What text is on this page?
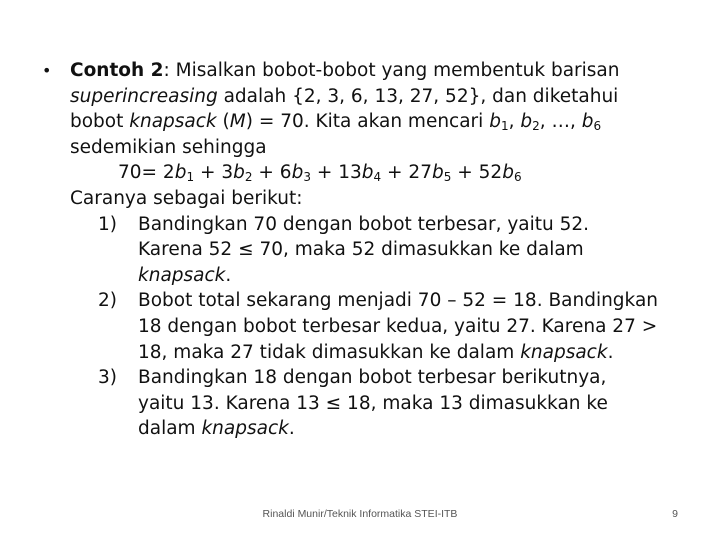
• Contoh 2: Misalkan bobot-bobot yang membentuk barisan
superincreasing adalah {2, 3, 6, 13, 27, 52}, dan diketahui
bobot knapsack (M) = 70. Kita akan mencari $b_1$, $b_2$, …, $b_6$
sedemikian sehingga
$70= 2b_1 + 3b_2 + 6b_3 + 13b_4 + 27b_5 + 52b_6$
Caranya sebagai berikut:
1) Bandingkan 70 dengan bobot terbesar, yaitu 52.
Karena 52 ≤ 70, maka 52 dimasukkan ke dalam
knapsack.
2) Bobot total sekarang menjadi 70 – 52 = 18. Bandingkan
18 dengan bobot terbesar kedua, yaitu 27. Karena 27 >
18, maka 27 tidak dimasukkan ke dalam knapsack.
3) Bandingkan 18 dengan bobot terbesar berikutnya,
yaitu 13. Karena 13 ≤ 18, maka 13 dimasukkan ke
dalam knapsack.
Rinaldi Munir/Teknik Informatika STEI-ITB	9
